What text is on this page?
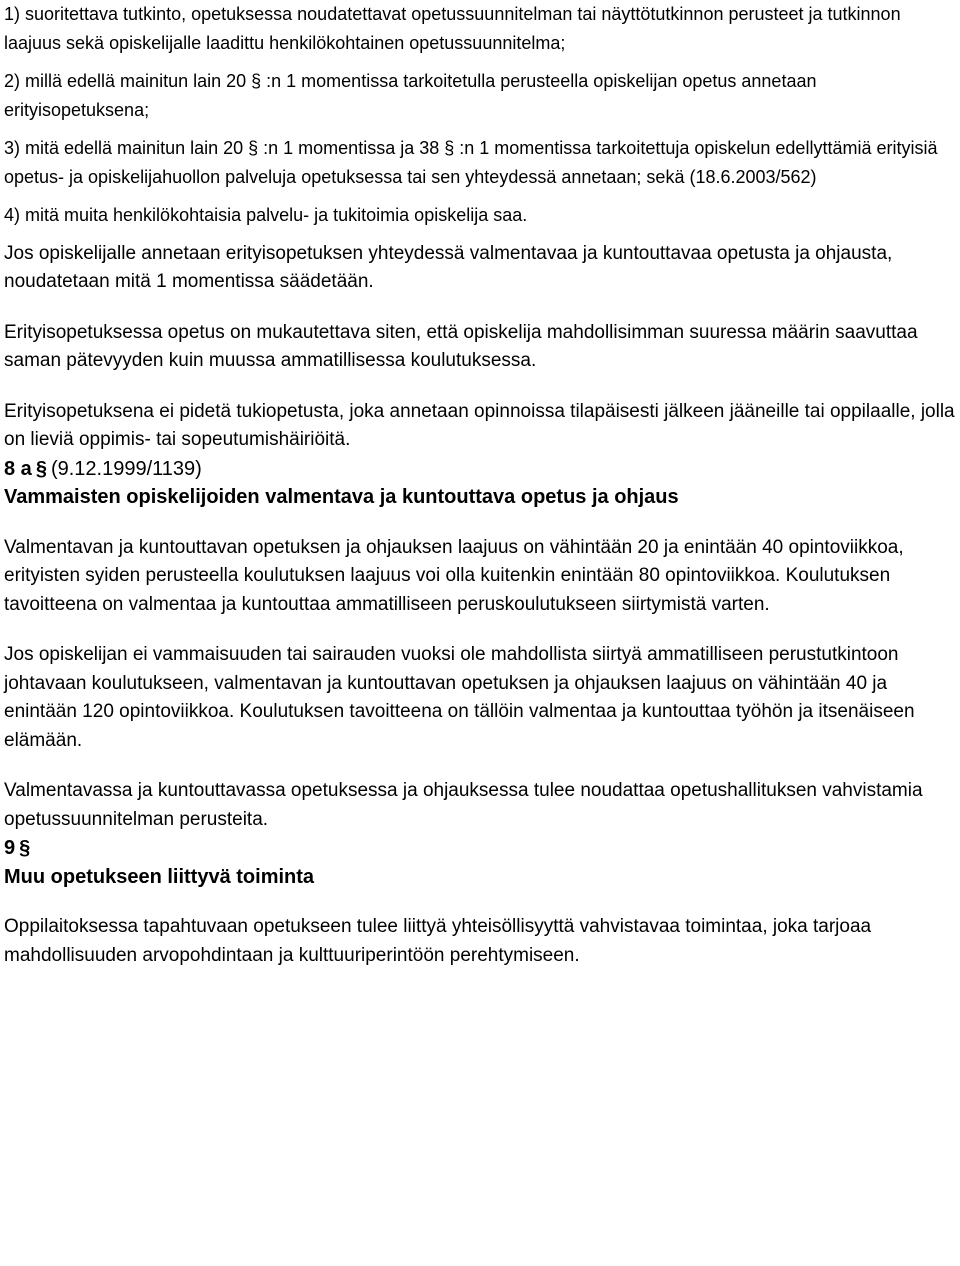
1) suoritettava tutkinto, opetuksessa noudatettavat opetussuunnitelman tai näyttötutkinnon perusteet ja tutkinnon laajuus sekä opiskelijalle laadittu henkilökohtainen opetussuunnitelma;

2) millä edellä mainitun lain 20 § :n 1 momentissa tarkoitetulla perusteella opiskelijan opetus annetaan erityisopetuksena;

3) mitä edellä mainitun lain 20 § :n 1 momentissa ja 38 § :n 1 momentissa tarkoitettuja opiskelun edellyttämiä erityisiä opetus- ja opiskelijahuollon palveluja opetuksessa tai sen yhteydessä annetaan; sekä (18.6.2003/562)

4) mitä muita henkilökohtaisia palvelu- ja tukitoimia opiskelija saa.

Jos opiskelijalle annetaan erityisopetuksen yhteydessä valmentavaa ja kuntouttavaa opetusta ja ohjausta, noudatetaan mitä 1 momentissa säädetään.

Erityisopetuksessa opetus on mukautettava siten, että opiskelija mahdollisimman suuressa määrin saavuttaa saman pätevyyden kuin muussa ammatillisessa koulutuksessa.

Erityisopetuksena ei pidetä tukiopetusta, joka annetaan opinnoissa tilapäisesti jälkeen jääneille tai oppilaalle, jolla on lieviä oppimis- tai sopeutumishäiriöitä.

8 a § (9.12.1999/1139)

Vammaisten opiskelijoiden valmentava ja kuntouttava opetus ja ohjaus

Valmentavan ja kuntouttavan opetuksen ja ohjauksen laajuus on vähintään 20 ja enintään 40 opintoviikkoa, erityisten syiden perusteella koulutuksen laajuus voi olla kuitenkin enintään 80 opintoviikkoa. Koulutuksen tavoitteena on valmentaa ja kuntouttaa ammatilliseen peruskoulutukseen siirtymistä varten.

Jos opiskelijan ei vammaisuuden tai sairauden vuoksi ole mahdollista siirtyä ammatilliseen perustutkintoon johtavaan koulutukseen, valmentavan ja kuntouttavan opetuksen ja ohjauksen laajuus on vähintään 40 ja enintään 120 opintoviikkoa. Koulutuksen tavoitteena on tällöin valmentaa ja kuntouttaa työhön ja itsenäiseen elämään.

Valmentavassa ja kuntouttavassa opetuksessa ja ohjauksessa tulee noudattaa opetushallituksen vahvistamia opetussuunnitelman perusteita.

9 §

Muu opetukseen liittyvä toiminta

Oppilaitoksessa tapahtuvaan opetukseen tulee liittyä yhteisöllisyyttä vahvistavaa toimintaa, joka tarjoaa mahdollisuuden arvopohdintaan ja kulttuuriperintöön perehtymiseen.
